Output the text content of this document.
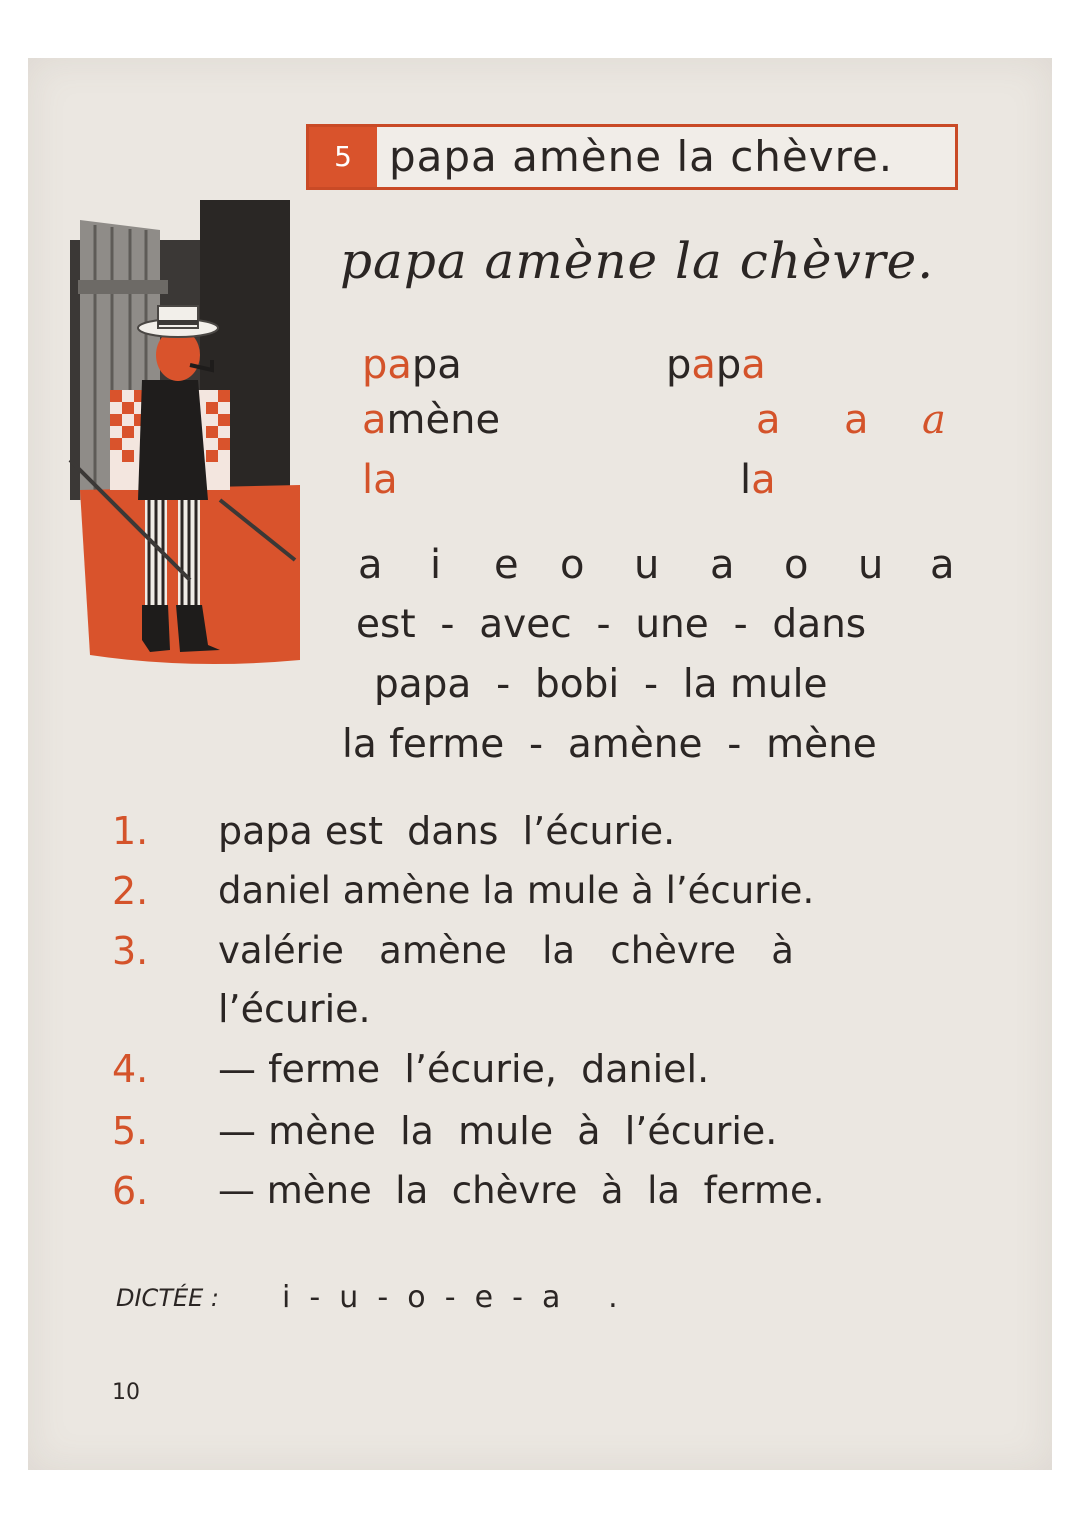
5 papa amène la chèvre.
papa amène la chèvre.
papa
amène
la
papa
a a a
la
a i e o u a o u a
est  -  avec  -  une  -  dans
papa  -  bobi  -  la mule
la ferme  -  amène  -  mène
1. papa est  dans  l’écurie.
2. daniel amène la mule à l’écurie.
3. valérie   amène   la   chèvre   à
l’écurie.
4. — ferme  l’écurie,  daniel.
5. — mène  la  mule  à  l’écurie.
6. — mène  la  chèvre  à  la  ferme.
DICTÉE : i  -  u  -  o  -  e  -  a     .
10
